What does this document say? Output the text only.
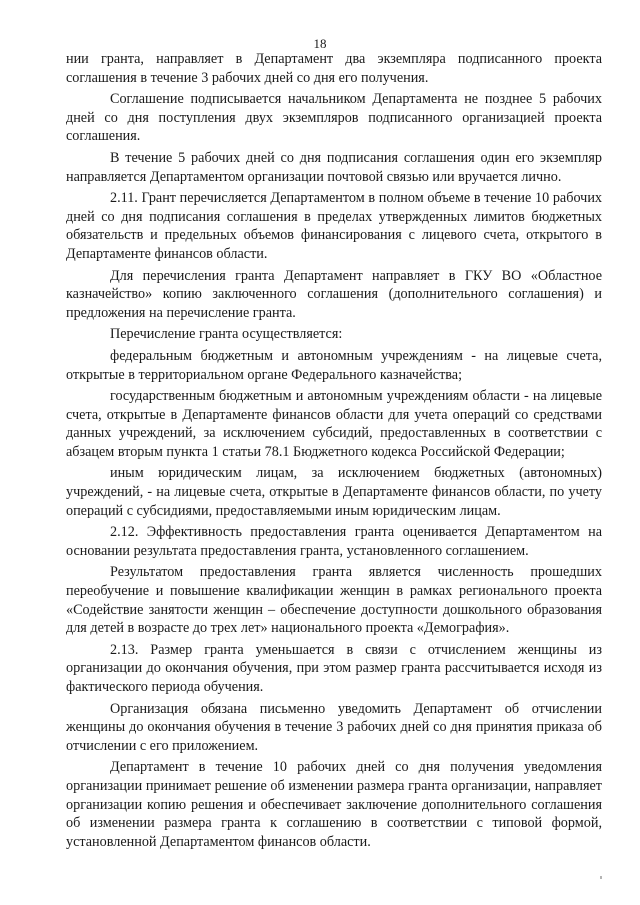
18

нии гранта, направляет в Департамент два экземпляра подписанного проекта соглашения в течение 3 рабочих дней со дня его получения.

Соглашение подписывается начальником Департамента не позднее 5 рабочих дней со дня поступления двух экземпляров подписанного организацией проекта соглашения.

В течение 5 рабочих дней со дня подписания соглашения один его экземпляр направляется Департаментом организации почтовой связью или вручается лично.

2.11. Грант перечисляется Департаментом в полном объеме в течение 10 рабочих дней со дня подписания соглашения в пределах утвержденных лимитов бюджетных обязательств и предельных объемов финансирования с лицевого счета, открытого в Департаменте финансов области.

Для перечисления гранта Департамент направляет в ГКУ ВО «Областное казначейство» копию заключенного соглашения (дополнительного соглашения) и предложения на перечисление гранта.

Перечисление гранта осуществляется:

федеральным бюджетным и автономным учреждениям - на лицевые счета, открытые в территориальном органе Федерального казначейства;

государственным бюджетным и автономным учреждениям области - на лицевые счета, открытые в Департаменте финансов области для учета операций со средствами данных учреждений, за исключением субсидий, предоставленных в соответствии с абзацем вторым пункта 1 статьи 78.1 Бюджетного кодекса Российской Федерации;

иным юридическим лицам, за исключением бюджетных (автономных) учреждений, - на лицевые счета, открытые в Департаменте финансов области, по учету операций с субсидиями, предоставляемыми иным юридическим лицам.

2.12. Эффективность предоставления гранта оценивается Департаментом на основании результата предоставления гранта, установленного соглашением.

Результатом предоставления гранта является численность прошедших переобучение и повышение квалификации женщин в рамках регионального проекта «Содействие занятости женщин – обеспечение доступности дошкольного образования для детей в возрасте до трех лет» национального проекта «Демография».

2.13. Размер гранта уменьшается в связи с отчислением женщины из организации до окончания обучения, при этом размер гранта рассчитывается исходя из фактического периода обучения.

Организация обязана письменно уведомить Департамент об отчислении женщины до окончания обучения в течение 3 рабочих дней со дня принятия приказа об отчислении с его приложением.

Департамент в течение 10 рабочих дней со дня получения уведомления организации принимает решение об изменении размера гранта организации, направляет организации копию решения и обеспечивает заключение дополнительного соглашения об изменении размера гранта к соглашению в соответствии с типовой формой, установленной Департаментом финансов области.
